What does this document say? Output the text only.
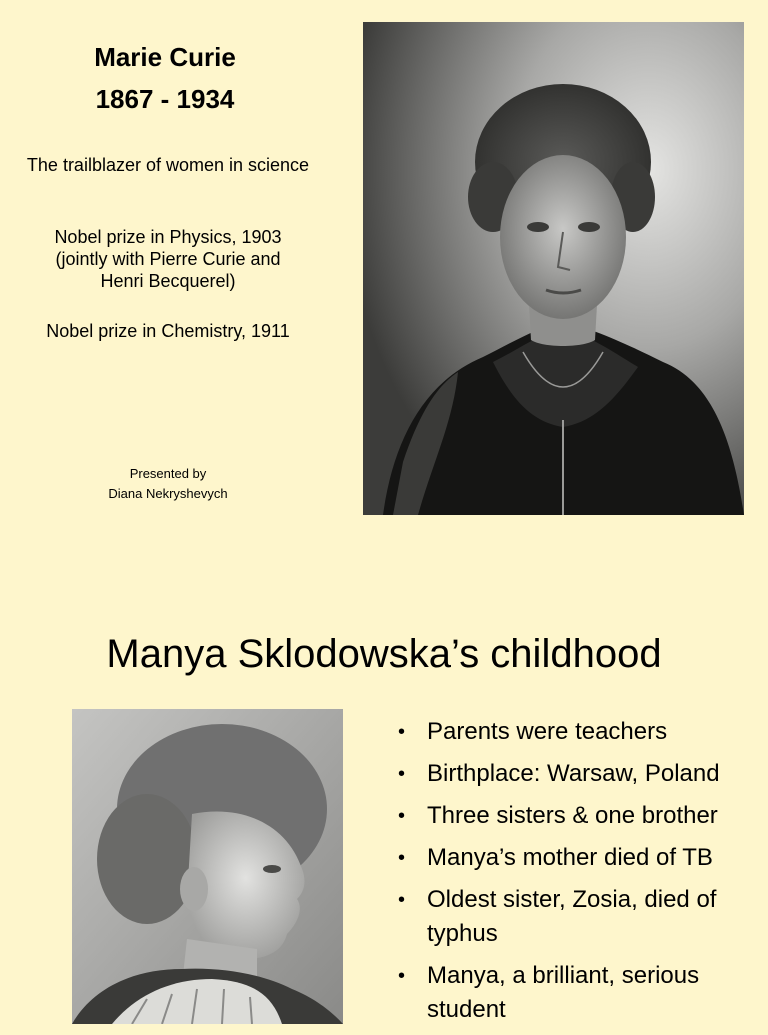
Marie Curie
1867 - 1934
The trailblazer of women in science
Nobel prize in Physics, 1903
(jointly with Pierre Curie and
Henri Becquerel)
Nobel prize in Chemistry, 1911
Presented by
Diana Nekryshevych
Manya Sklodowska’s childhood
• Parents were teachers
• Birthplace: Warsaw, Poland
• Three sisters & one brother
• Manya’s mother died of TB
• Oldest sister, Zosia, died of typhus
• Manya, a brilliant, serious student
